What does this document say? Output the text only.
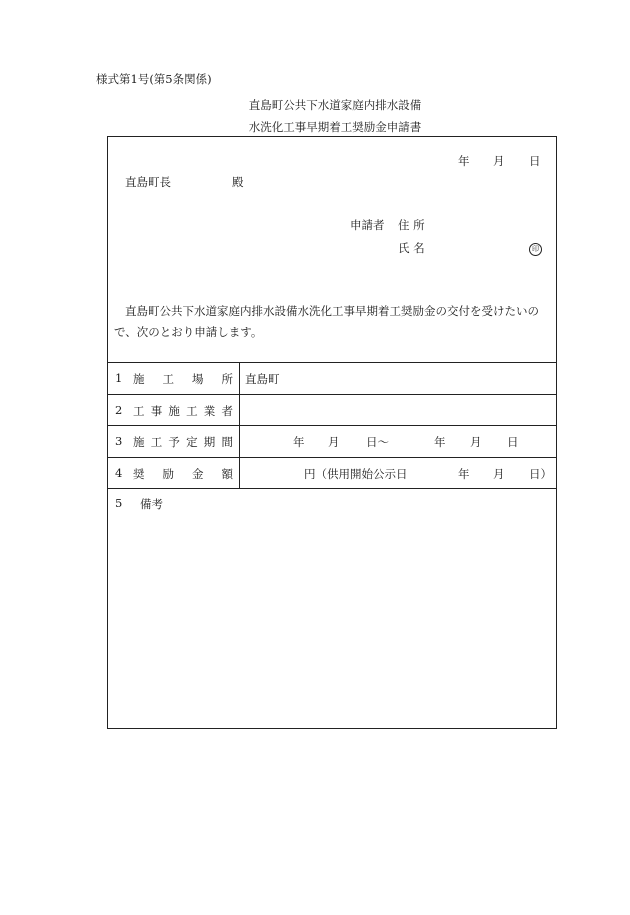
様式第1号(第5条関係)
直島町公共下水道家庭内排水設備
水洗化工事早期着工奨励金申請書
年 月 日
直島町長	殿
申請者 住 所
氏 名	印
直島町公共下水道家庭内排水設備水洗化工事早期着工奨励金の交付を受けたいの
で、次のとおり申請します。
1 施 工 場 所 直島町
2 工事施工業者
3 施工予定期間	年 月 日～	年 月 日
4 奨 励 金 額	円（供用開始公示日	年 月 日）
5 備考
